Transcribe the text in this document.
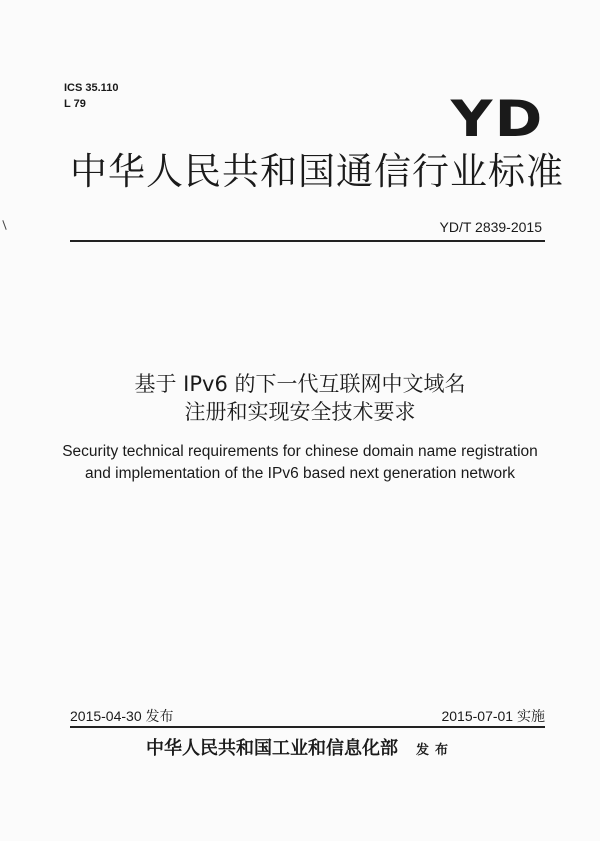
ICS 35.110
L 79	YD
中华人民共和国通信行业标准
YD/T 2839-2015
基于 IPv6 的下一代互联网中文域名
注册和实现安全技术要求
Security technical requirements for chinese domain name registration
and implementation of the IPv6 based next generation network
2015-04-30 发布	2015-07-01 实施
中华人民共和国工业和信息化部 发布
